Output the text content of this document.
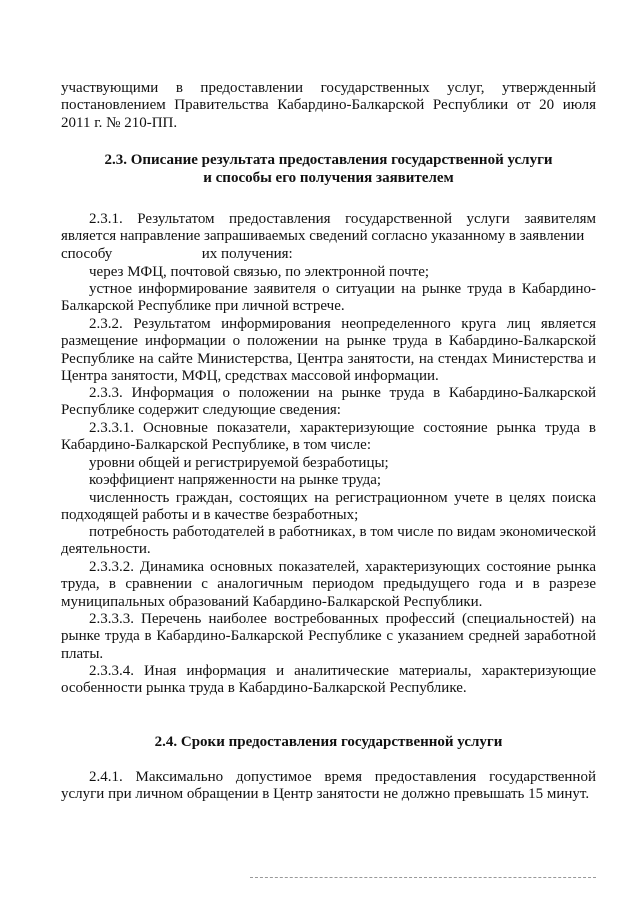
участвующими в предоставлении государственных услуг, утвержденный постановлением Правительства Кабардино-Балкарской Республики от 20 июля 2011 г. № 210-ПП.

2.3. Описание результата предоставления государственной услуги
и способы его получения заявителем

2.3.1. Результатом предоставления государственной услуги заявителям является направление запрашиваемых сведений согласно указанному в заявлении

способу	их получения:

через МФЦ, почтовой связью, по электронной почте;

устное информирование заявителя о ситуации на рынке труда в Кабардино-Балкарской Республике при личной встрече.

2.3.2. Результатом информирования неопределенного круга лиц является размещение информации о положении на рынке труда в Кабардино-Балкарской Республике на сайте Министерства, Центра занятости, на стендах Министерства и Центра занятости, МФЦ, средствах массовой информации.

2.3.3. Информация о положении на рынке труда в Кабардино-Балкарской Республике содержит следующие сведения:

2.3.3.1. Основные показатели, характеризующие состояние рынка труда в Кабардино-Балкарской Республике, в том числе:

уровни общей и регистрируемой безработицы;

коэффициент напряженности на рынке труда;

численность граждан, состоящих на регистрационном учете в целях поиска подходящей работы и в качестве безработных;

потребность работодателей в работниках, в том числе по видам экономической деятельности.

2.3.3.2. Динамика основных показателей, характеризующих состояние рынка труда, в сравнении с аналогичным периодом предыдущего года и в разрезе муниципальных образований Кабардино-Балкарской Республики.

2.3.3.3. Перечень наиболее востребованных профессий (специальностей) на рынке труда в Кабардино-Балкарской Республике с указанием средней заработной платы.

2.3.3.4. Иная информация и аналитические материалы, характеризующие особенности рынка труда в Кабардино-Балкарской Республике.

2.4. Сроки предоставления государственной услуги

2.4.1. Максимально допустимое время предоставления государственной услуги при личном обращении в Центр занятости не должно превышать 15 минут.
